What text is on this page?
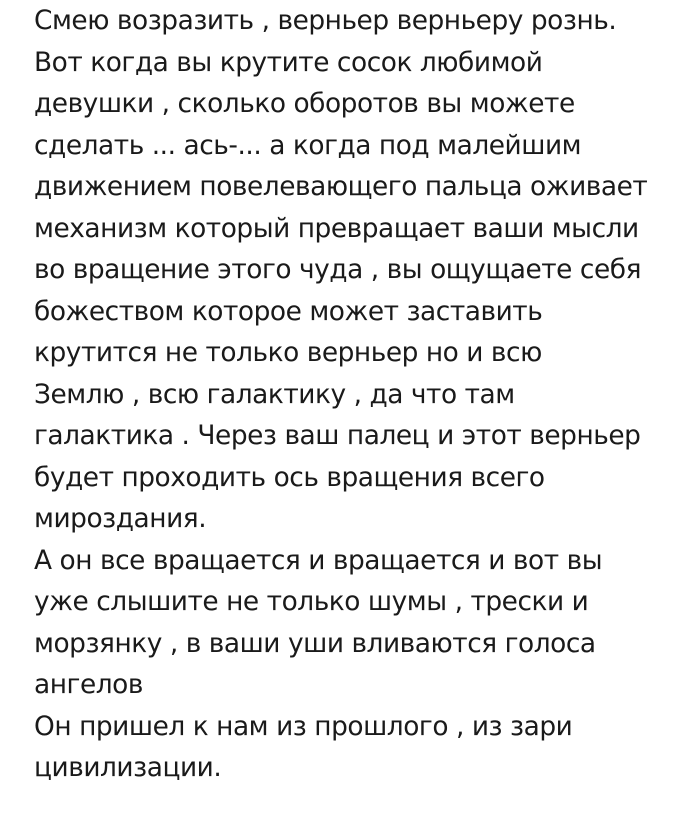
Смею возразить , верньер верньеру рознь.
Вот когда вы крутите сосок любимой
девушки , сколько оборотов вы можете
сделать ... ась-... а когда под малейшим
движением повелевающего пальца оживает
механизм который превращает ваши мысли
во вращение этого чуда , вы ощущаете себя
божеством которое может заставить
крутится не только верньер но и всю
Землю , всю галактику , да что там
галактика . Через ваш палец и этот верньер
будет проходить ось вращения всего
мироздания.
А он все вращается и вращается и вот вы
уже слышите не только шумы , трески и
морзянку , в ваши уши вливаются голоса
ангелов
Он пришел к нам из прошлого , из зари
цивилизации.
